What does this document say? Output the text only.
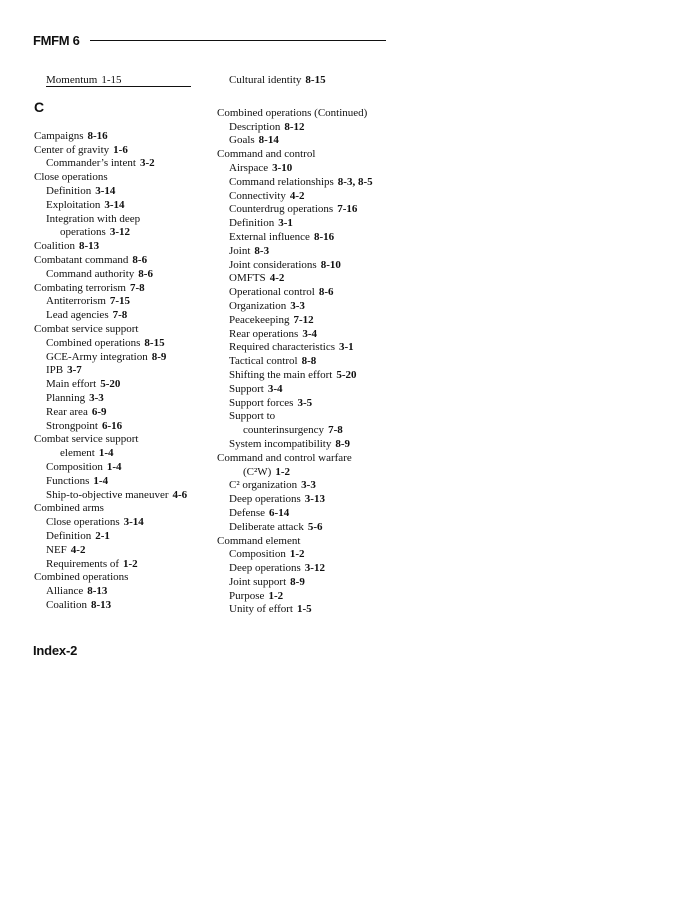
FMFM 6
Momentum 1-15
C
Campaigns 8-16
Center of gravity 1-6
Commander’s intent 3-2
Close operations
Definition 3-14
Exploitation 3-14
Integration with deep
operations 3-12
Coalition 8-13
Combatant command 8-6
Command authority 8-6
Combating terrorism 7-8
Antiterrorism 7-15
Lead agencies 7-8
Combat service support
Combined operations 8-15
GCE-Army integration 8-9
IPB 3-7
Main effort 5-20
Planning 3-3
Rear area 6-9
Strongpoint 6-16
Combat service support
element 1-4
Composition 1-4
Functions 1-4
Ship-to-objective maneuver 4-6
Combined arms
Close operations 3-14
Definition 2-1
NEF 4-2
Requirements of 1-2
Combined operations
Alliance 8-13
Coalition 8-13
Cultural identity 8-15
Combined operations (Continued)
Description 8-12
Goals 8-14
Command and control
Airspace 3-10
Command relationships 8-3, 8-5
Connectivity 4-2
Counterdrug operations 7-16
Definition 3-1
External influence 8-16
Joint 8-3
Joint considerations 8-10
OMFTS 4-2
Operational control 8-6
Organization 3-3
Peacekeeping 7-12
Rear operations 3-4
Required characteristics 3-1
Tactical control 8-8
Shifting the main effort 5-20
Support 3-4
Support forces 3-5
Support to
counterinsurgency 7-8
System incompatibility 8-9
Command and control warfare
(C²W) 1-2
C² organization 3-3
Deep operations 3-13
Defense 6-14
Deliberate attack 5-6
Command element
Composition 1-2
Deep operations 3-12
Joint support 8-9
Purpose 1-2
Unity of effort 1-5
Index-2
